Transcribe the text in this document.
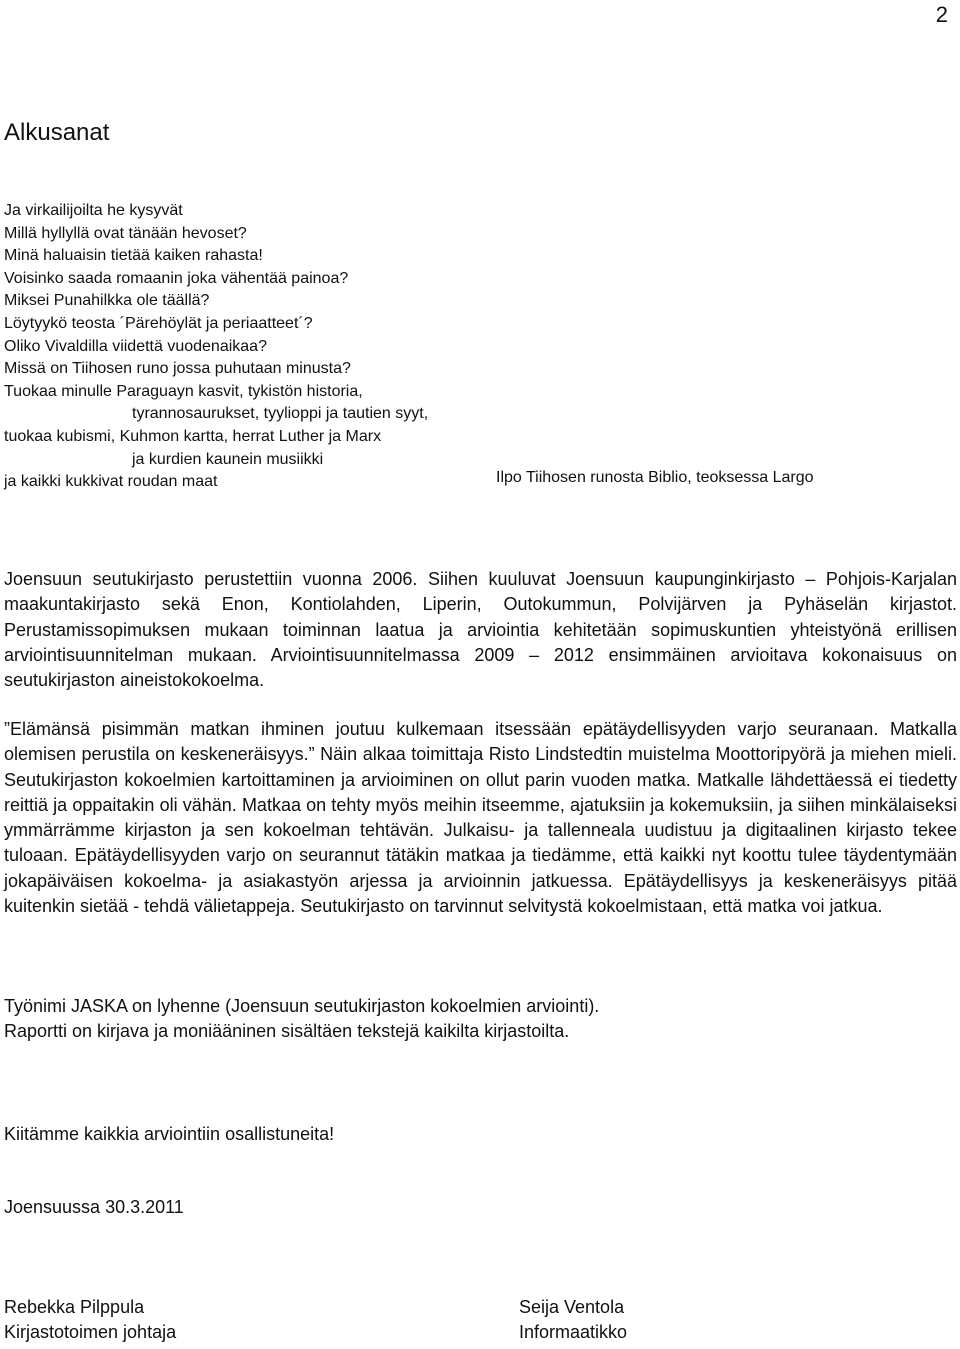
2
Alkusanat
Ja virkailijoilta he kysyvät
Millä hyllyllä ovat tänään hevoset?
Minä haluaisin tietää kaiken rahasta!
Voisinko saada romaanin joka vähentää painoa?
Miksei Punahilkka ole täällä?
Löytyykö teosta ´Pärehöylät ja periaatteet´?
Oliko Vivaldilla viidettä vuodenaikaa?
Missä on Tiihosen runo jossa puhutaan minusta?
Tuokaa minulle Paraguayn kasvit, tykistön historia,
tyrannosaurukset, tyylioppi ja tautien syyt,
tuokaa kubismi, Kuhmon kartta, herrat Luther ja Marx
ja kurdien kaunein musiikki
ja kaikki kukkivat roudan maat	Ilpo Tiihosen runosta Biblio, teoksessa Largo

Joensuun seutukirjasto perustettiin vuonna 2006. Siihen kuuluvat Joensuun kaupunginkirjasto – Pohjois-Karjalan maakuntakirjasto sekä Enon, Kontiolahden, Liperin, Outokummun, Polvijärven ja Pyhäselän kirjastot. Perustamissopimuksen mukaan toiminnan laatua ja arviointia kehitetään sopimuskuntien yhteistyönä erillisen arviointisuunnitelman mukaan. Arviointisuunnitelmassa 2009 – 2012 ensimmäinen arvioitava kokonaisuus on seutukirjaston aineistokokoelma.

”Elämänsä pisimmän matkan ihminen joutuu kulkemaan itsessään epätäydellisyyden varjo seuranaan. Matkalla olemisen perustila on keskeneräisyys.” Näin alkaa toimittaja Risto Lindstedtin muistelma Moottoripyörä ja miehen mieli. Seutukirjaston kokoelmien kartoittaminen ja arvioiminen on ollut parin vuoden matka. Matkalle lähdettäessä ei tiedetty reittiä ja oppaitakin oli vähän. Matkaa on tehty myös meihin itseemme, ajatuksiin ja kokemuksiin, ja siihen minkälaiseksi ymmärrämme kirjaston ja sen kokoelman tehtävän. Julkaisu- ja tallenneala uudistuu ja digitaalinen kirjasto tekee tuloaan. Epätäydellisyyden varjo on seurannut tätäkin matkaa ja tiedämme, että kaikki nyt koottu tulee täydentymään jokapäiväisen kokoelma- ja asiakastyön arjessa ja arvioinnin jatkuessa. Epätäydellisyys ja keskeneräisyys pitää kuitenkin sietää - tehdä välietappeja. Seutukirjasto on tarvinnut selvitystä kokoelmistaan, että matka voi jatkua.

Työnimi JASKA on lyhenne (Joensuun seutukirjaston kokoelmien arviointi).
Raportti on kirjava ja moniääninen sisältäen tekstejä kaikilta kirjastoilta.
Kiitämme kaikkia arviointiin osallistuneita!
Joensuussa 30.3.2011
Rebekka Pilppula
Kirjastotoimen johtaja
Seija Ventola
Informaatikko
